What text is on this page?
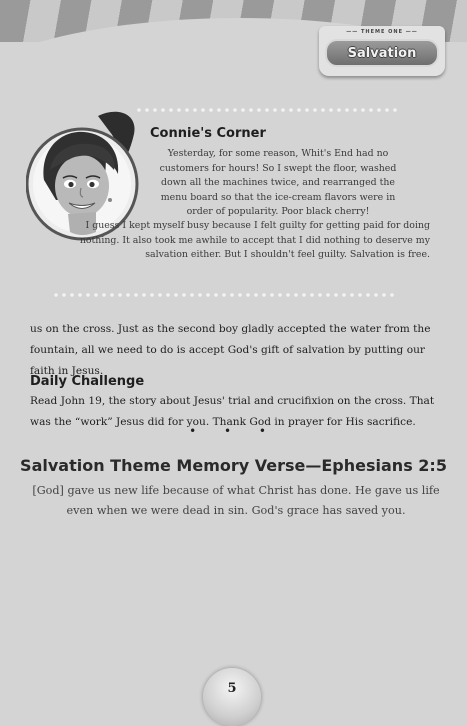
—— THEME ONE ——
Salvation
Connie's Corner

Yesterday, for some reason, Whit's End had no customers for hours! So I swept the floor, washed down all the machines twice, and rearranged the menu board so that the ice-cream flavors were in order of popularity. Poor black cherry!

I guess I kept myself busy because I felt guilty for getting paid for doing nothing. It also took me awhile to accept that I did nothing to deserve my salvation either. But I shouldn't feel guilty. Salvation is free.

us on the cross. Just as the second boy gladly accepted the water from the fountain, all we need to do is accept God's gift of salvation by putting our faith in Jesus.

Daily Challenge

Read John 19, the story about Jesus' trial and crucifixion on the cross. That was the “work” Jesus did for you. Thank God in prayer for His sacrifice.

• • •
Salvation Theme Memory Verse—Ephesians 2:5

[God] gave us new life because of what Christ has done. He gave us life even when we were dead in sin. God's grace has saved you.

5
